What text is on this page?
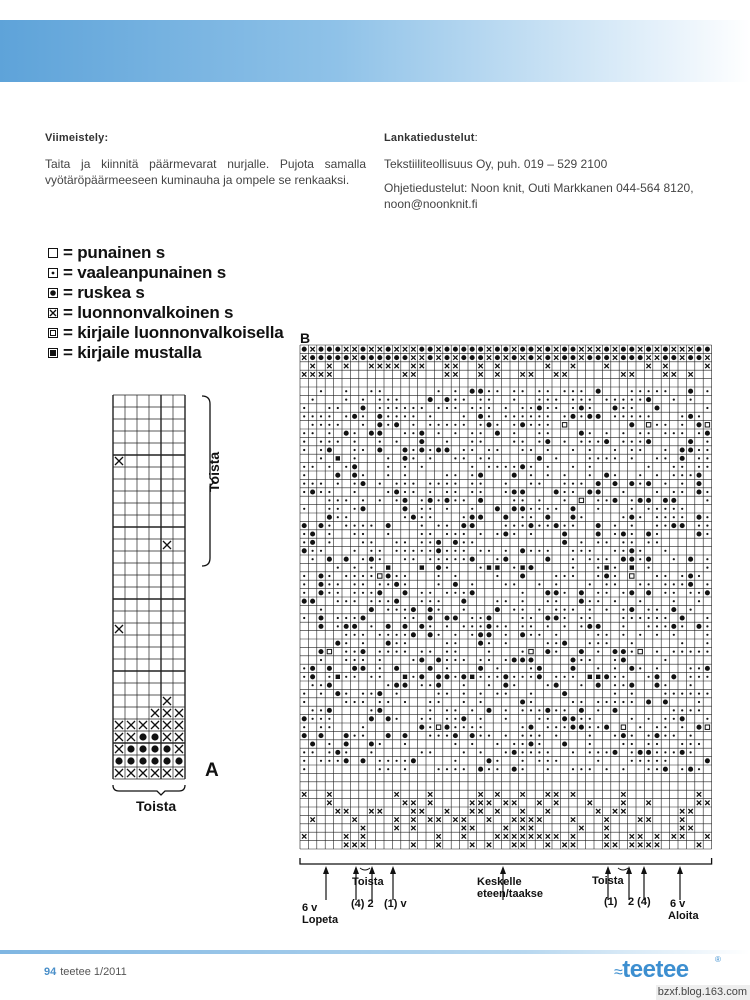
Viimeistely:

Taita ja kiinnitä päärmevarat nurjalle. Pujota samalla vyötäröpäärmeeseen kuminauha ja ompele se renkaaksi.

Lankatiedustelut:

Tekstiiliteollisuus Oy, puh. 019 – 529 2100

Ohjetiedustelut: Noon knit, Outi Markkanen 044-564 8120, noon@noonknit.fi

= punainen s
= vaaleanpunainen s
= ruskea s
= luonnonvalkoinen s
= kirjaile luonnonvalkoisella
= kirjaile mustalla
A
Toista
Toista
B
Toista	Toista
6 v
Lopeta
(4) 2 (1) v
Keskelle
eteen/taakse
(1) 2 (4) 6 v
Aloita
94 teetee 1/2011	≈teetee	®
bzxf.blog.163.com
